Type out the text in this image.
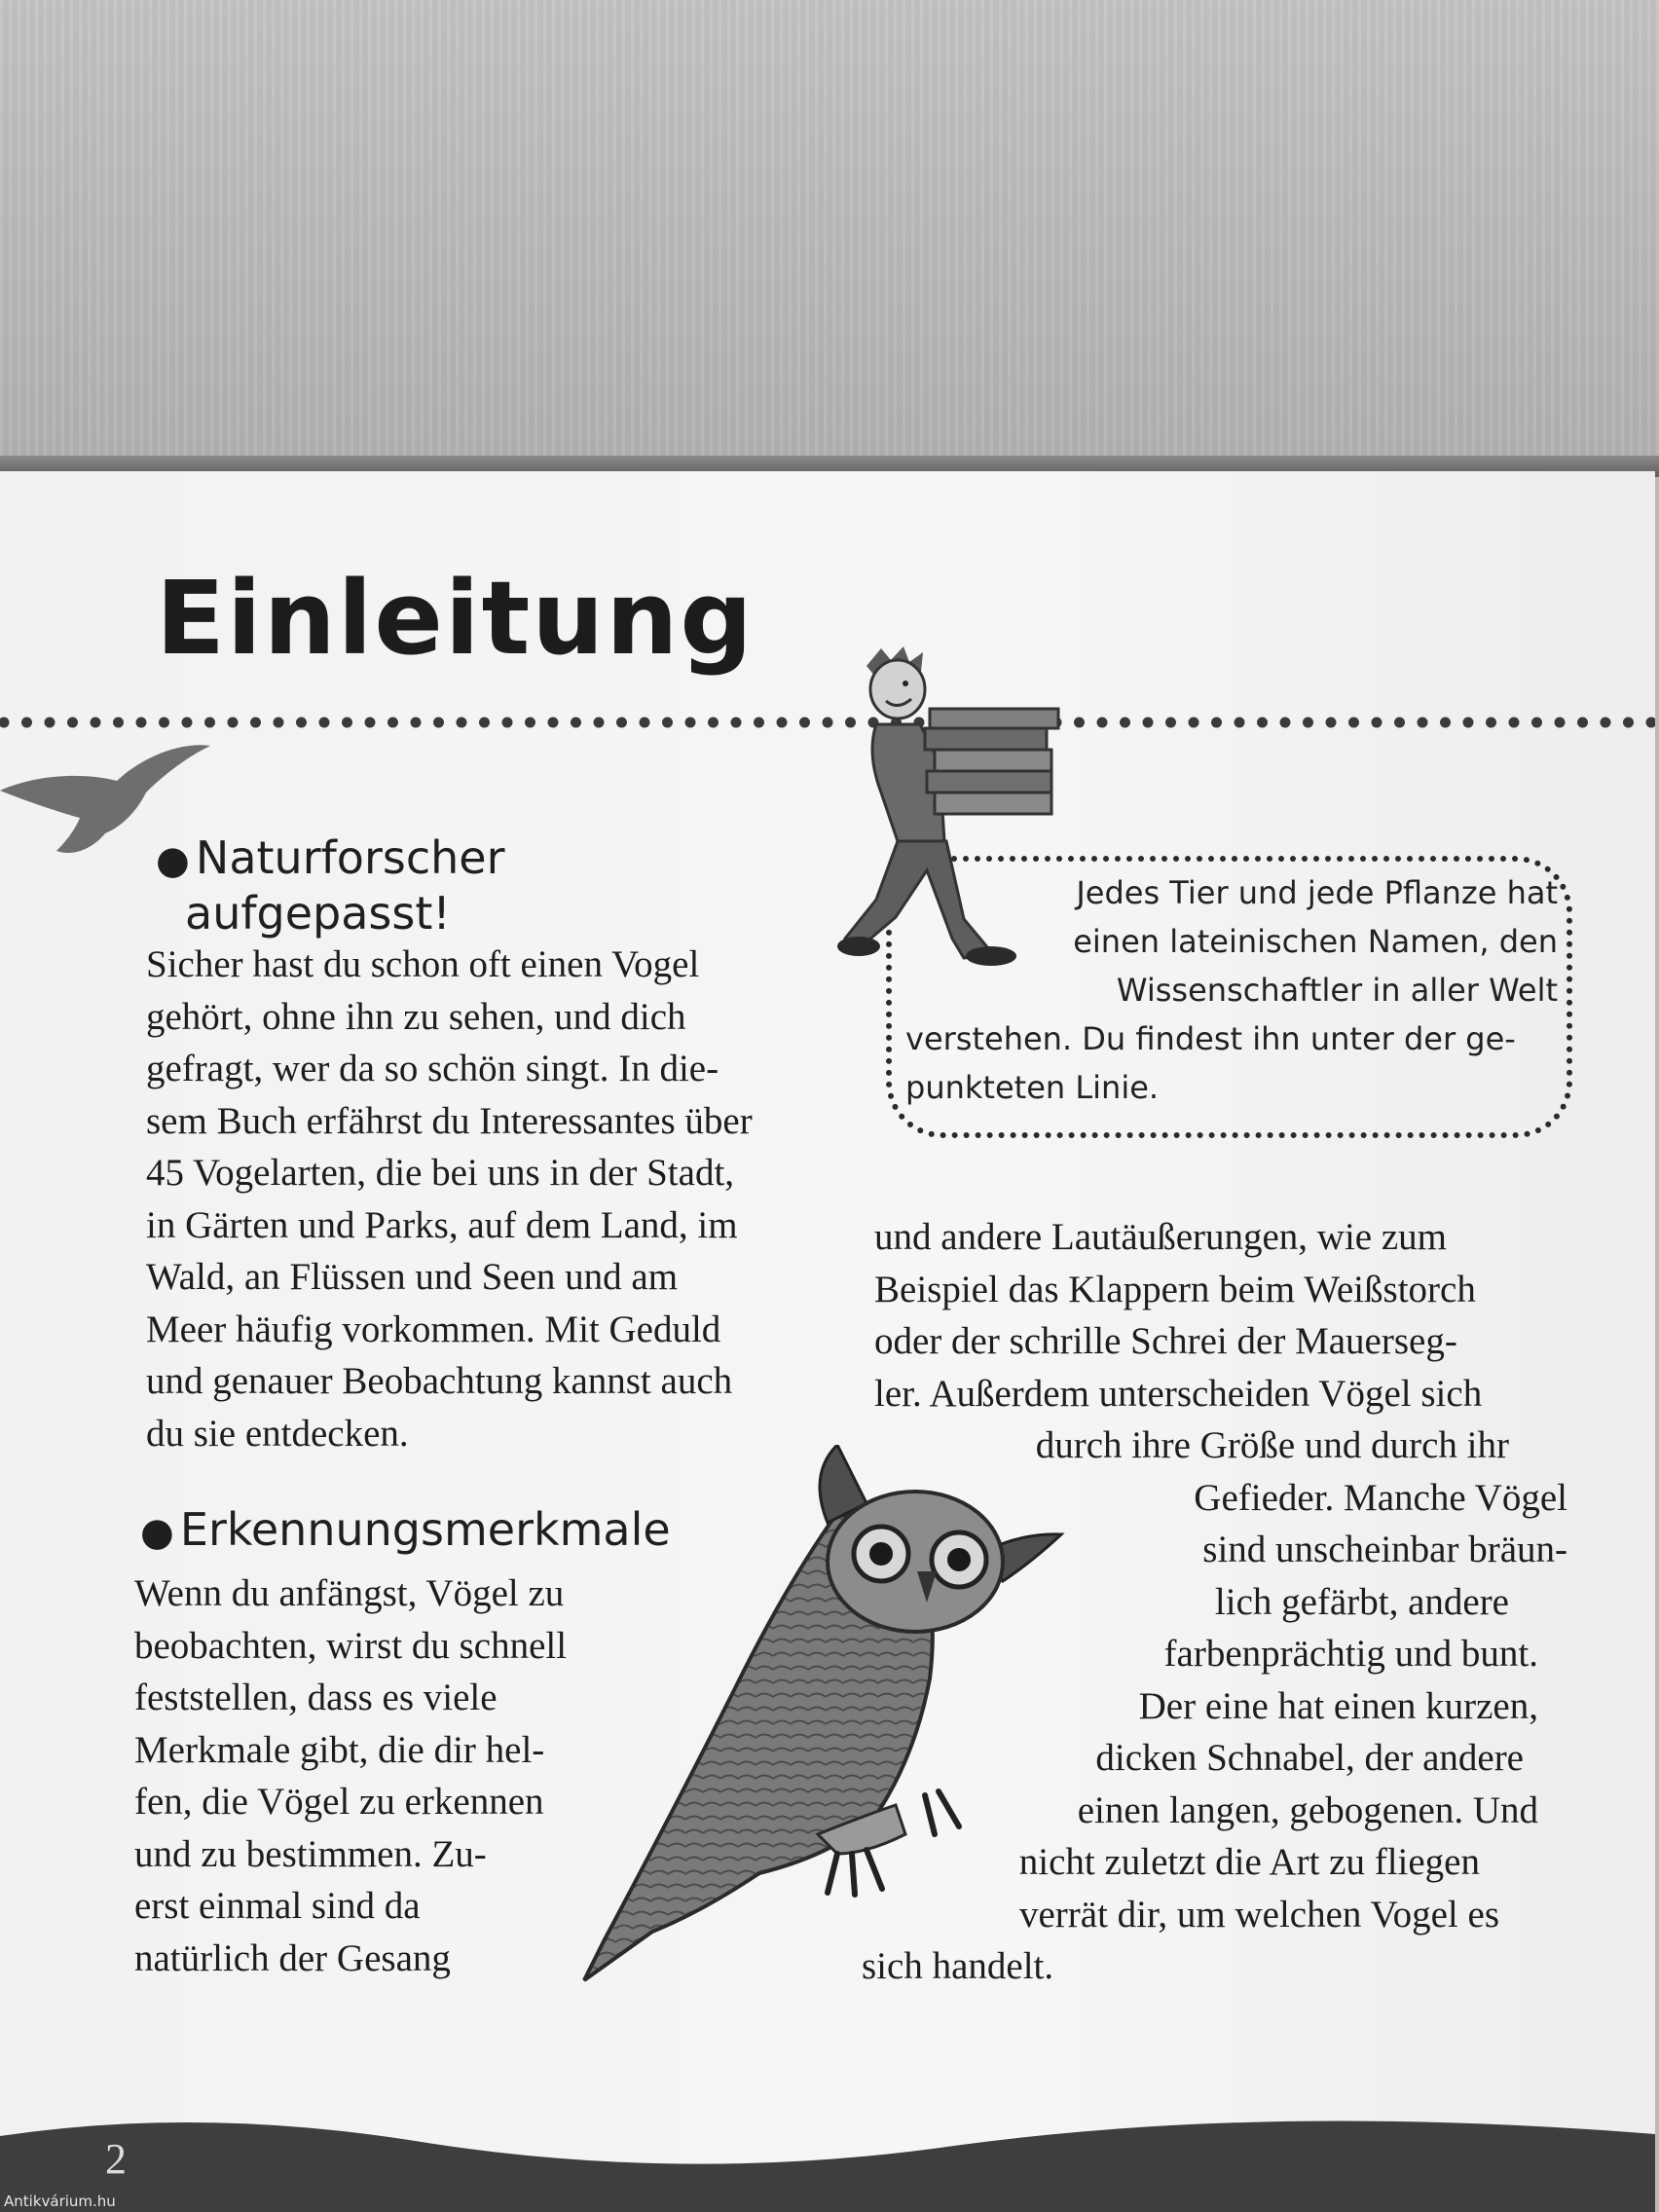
Einleitung
● Naturforscher
aufgepasst!
Sicher hast du schon oft einen Vogel
gehört, ohne ihn zu sehen, und dich
gefragt, wer da so schön singt. In die-
sem Buch erfährst du Interessantes über
45 Vogelarten, die bei uns in der Stadt,
in Gärten und Parks, auf dem Land, im
Wald, an Flüssen und Seen und am
Meer häufig vorkommen. Mit Geduld
und genauer Beobachtung kannst auch
du sie entdecken.
Jedes Tier und jede Pflanze hat
einen lateinischen Namen, den
Wissenschaftler in aller Welt
verstehen. Du findest ihn unter der ge-
punkteten Linie.
● Erkennungsmerkmale
Wenn du anfängst, Vögel zu
beobachten, wirst du schnell
feststellen, dass es viele
Merkmale gibt, die dir hel-
fen, die Vögel zu erkennen
und zu bestimmen. Zu-
erst einmal sind da
natürlich der Gesang
und andere Lautäußerungen, wie zum
Beispiel das Klappern beim Weißstorch
oder der schrille Schrei der Mauerseg-
ler. Außerdem unterscheiden Vögel sich
durch ihre Größe und durch ihr
Gefieder. Manche Vögel
sind unscheinbar bräun-
lich gefärbt, andere
farbenprächtig und bunt.
Der eine hat einen kurzen,
dicken Schnabel, der andere
einen langen, gebogenen. Und
nicht zuletzt die Art zu fliegen
verrät dir, um welchen Vogel es
sich handelt.

2

Antikvárium.hu
